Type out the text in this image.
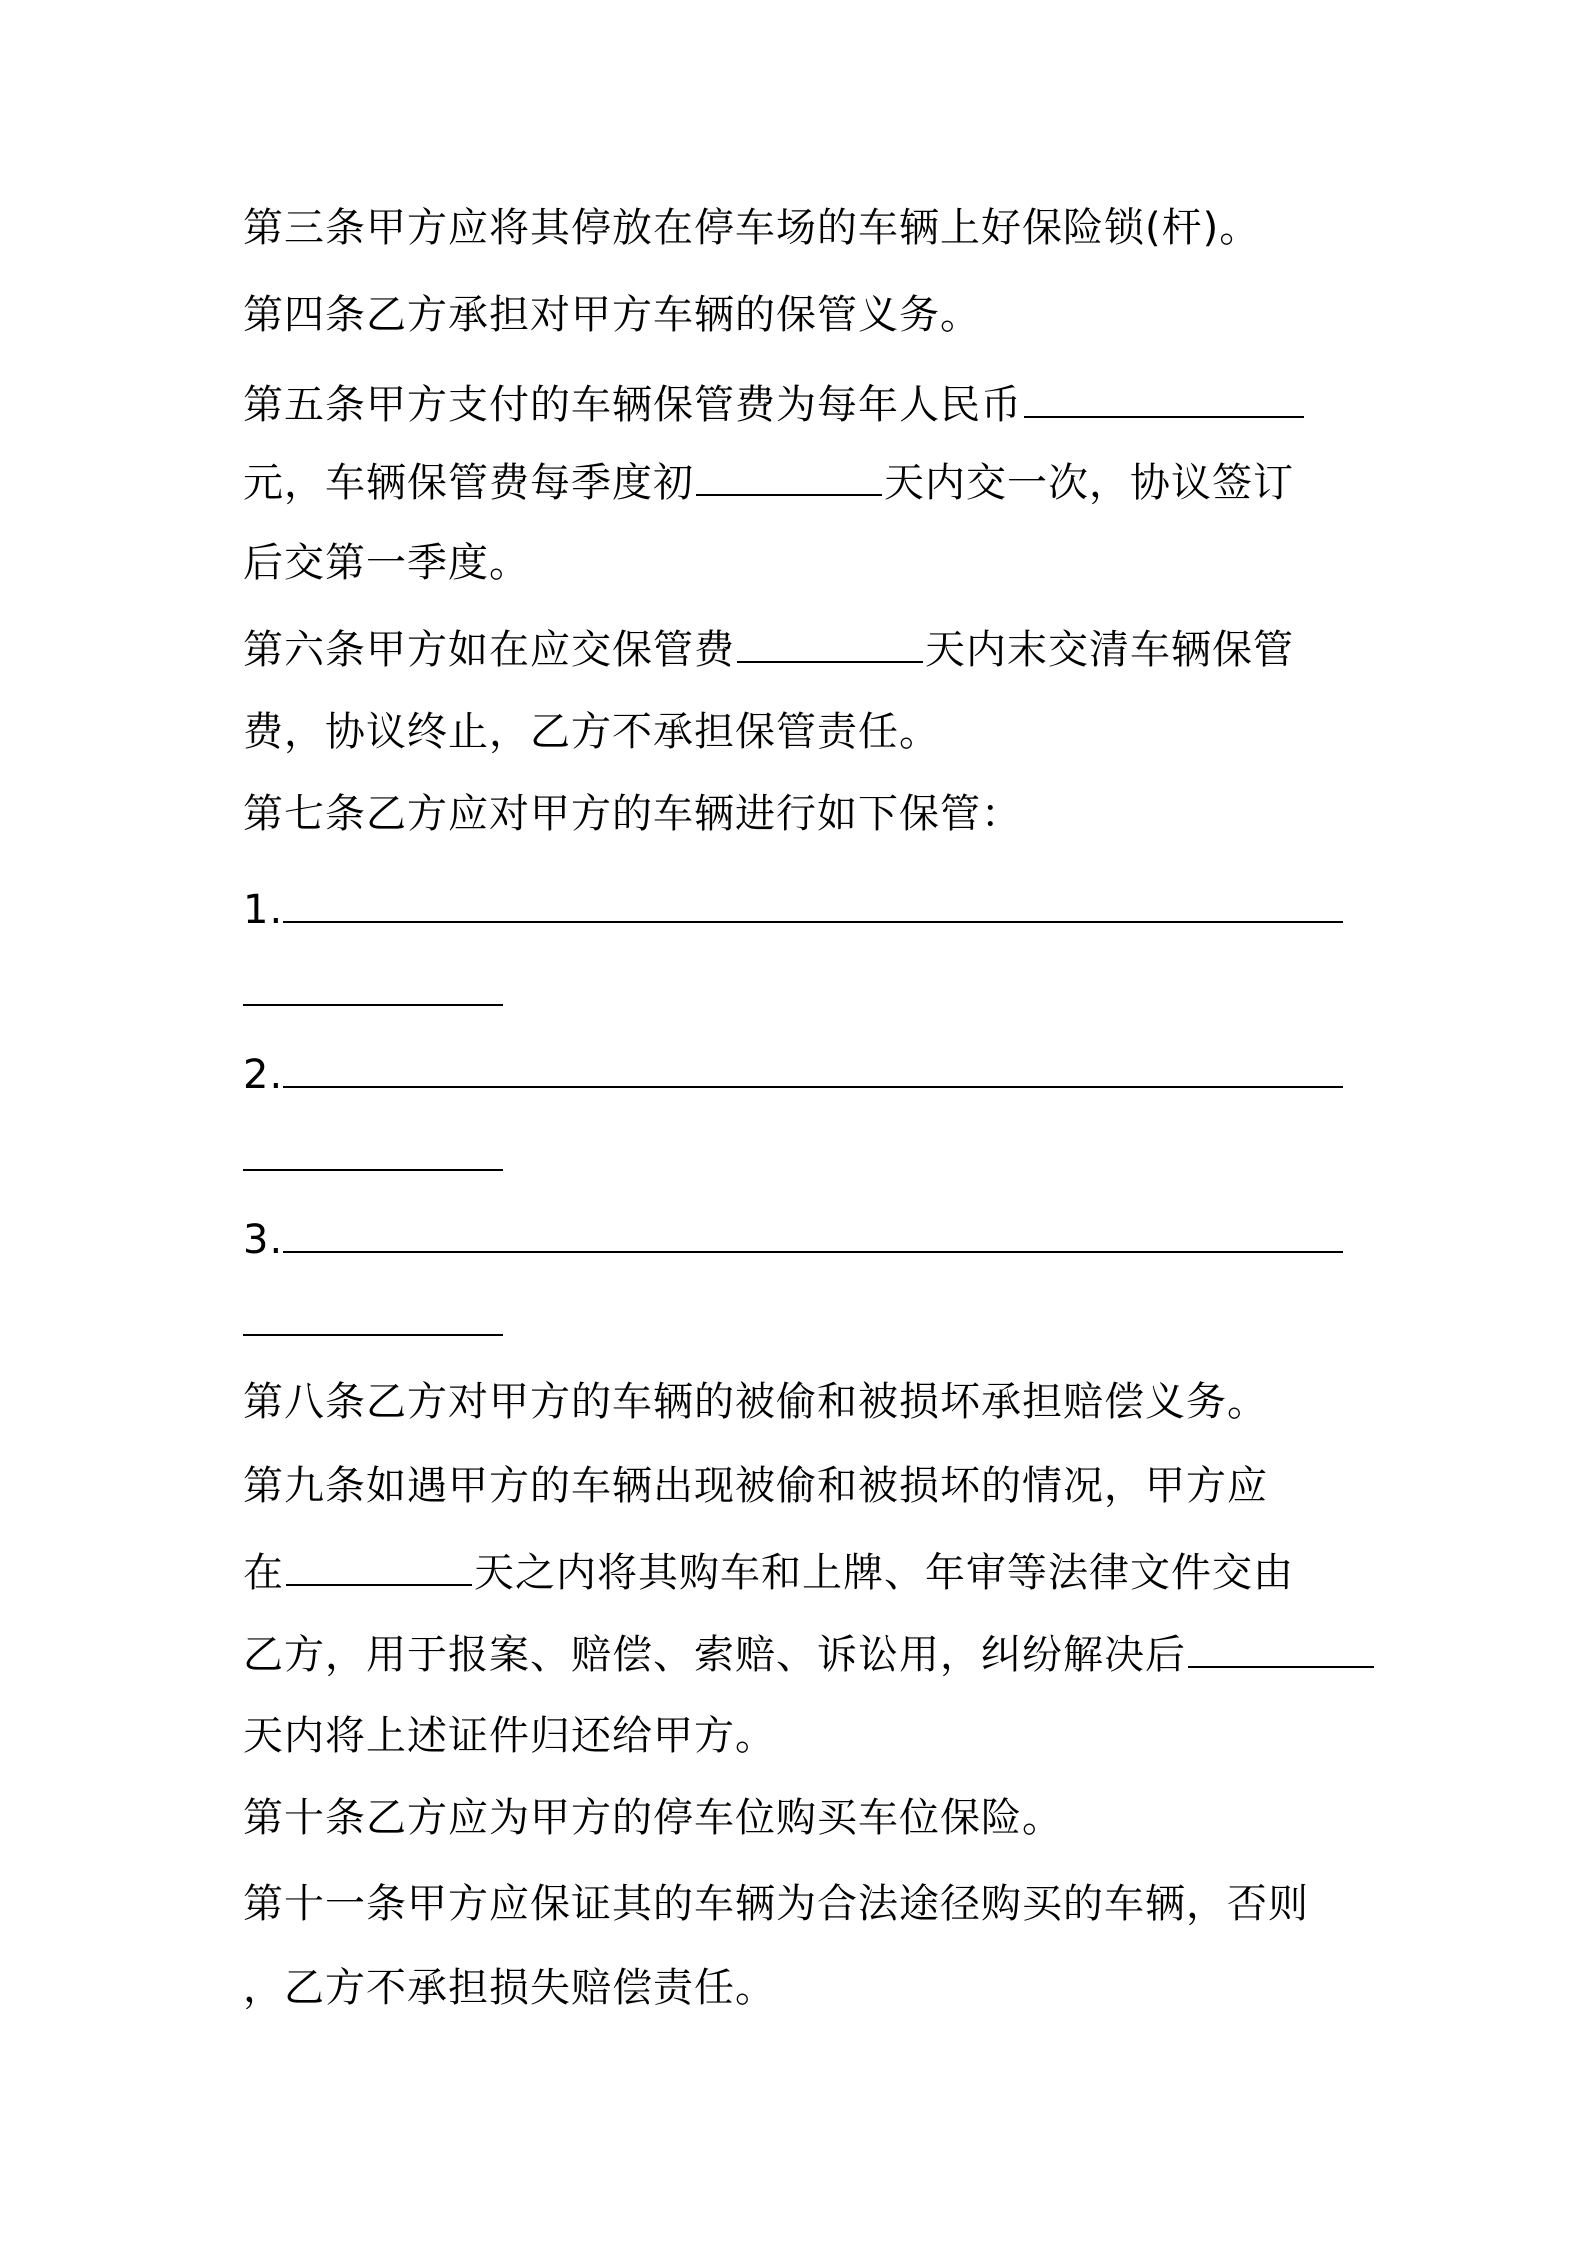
第三条甲方应将其停放在停车场的车辆上好保险锁(杆)。
第四条乙方承担对甲方车辆的保管义务。
第五条甲方支付的车辆保管费为每年人民币
元，车辆保管费每季度初	天内交一次，协议签订
后交第一季度。
第六条甲方如在应交保管费	天内末交清车辆保管
费，协议终止，乙方不承担保管责任。
第七条乙方应对甲方的车辆进行如下保管：
1.
2.
3.
第八条乙方对甲方的车辆的被偷和被损坏承担赔偿义务。
第九条如遇甲方的车辆出现被偷和被损坏的情况，甲方应
在	天之内将其购车和上牌、年审等法律文件交由
乙方，用于报案、赔偿、索赔、诉讼用，纠纷解决后
天内将上述证件归还给甲方。
第十条乙方应为甲方的停车位购买车位保险。
第十一条甲方应保证其的车辆为合法途径购买的车辆，否则
，乙方不承担损失赔偿责任。
